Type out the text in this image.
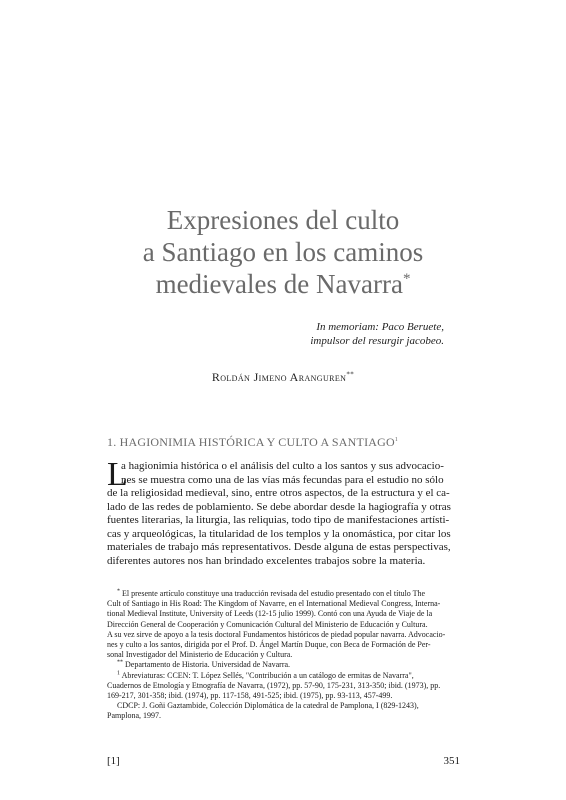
Expresiones del culto
a Santiago en los caminos
medievales de Navarra*
In memoriam: Paco Beruete,
impulsor del resurgir jacobeo.
Roldán Jimeno Aranguren**
1. HAGIONIMIA HISTÓRICA Y CULTO A SANTIAGO$^1$
L
a hagionimia histórica o el análisis del culto a los santos y sus advocacio-
nes se muestra como una de las vías más fecundas para el estudio no sólo
de la religiosidad medieval, sino, entre otros aspectos, de la estructura y el ca-
lado de las redes de poblamiento. Se debe abordar desde la hagiografía y otras
fuentes literarias, la liturgia, las reliquias, todo tipo de manifestaciones artísti-
cas y arqueológicas, la titularidad de los templos y la onomástica, por citar los
materiales de trabajo más representativos. Desde alguna de estas perspectivas,
diferentes autores nos han brindado excelentes trabajos sobre la materia.
* El presente artículo constituye una traducción revisada del estudio presentado con el título The
Cult of Santiago in His Road: The Kingdom of Navarre, en el International Medieval Congress, Interna-
tional Medieval Institute, University of Leeds (12-15 julio 1999). Contó con una Ayuda de Viaje de la
Dirección General de Cooperación y Comunicación Cultural del Ministerio de Educación y Cultura.
A su vez sirve de apoyo a la tesis doctoral Fundamentos históricos de piedad popular navarra. Advocacio-
nes y culto a los santos, dirigida por el Prof. D. Ángel Martín Duque, con Beca de Formación de Per-
sonal Investigador del Ministerio de Educación y Cultura.
** Departamento de Historia. Universidad de Navarra.
$^1$ Abreviaturas: CCEN: T. López Sellés, "Contribución a un catálogo de ermitas de Navarra",
Cuadernos de Etnología y Etnografía de Navarra, (1972), pp. 57-90, 175-231, 313-350; ibid. (1973), pp.
169-217, 301-358; ibid. (1974), pp. 117-158, 491-525; ibid. (1975), pp. 93-113, 457-499.
CDCP: J. Goñi Gaztambide, Colección Diplomática de la catedral de Pamplona, I (829-1243),
Pamplona, 1997.
[1]	351
